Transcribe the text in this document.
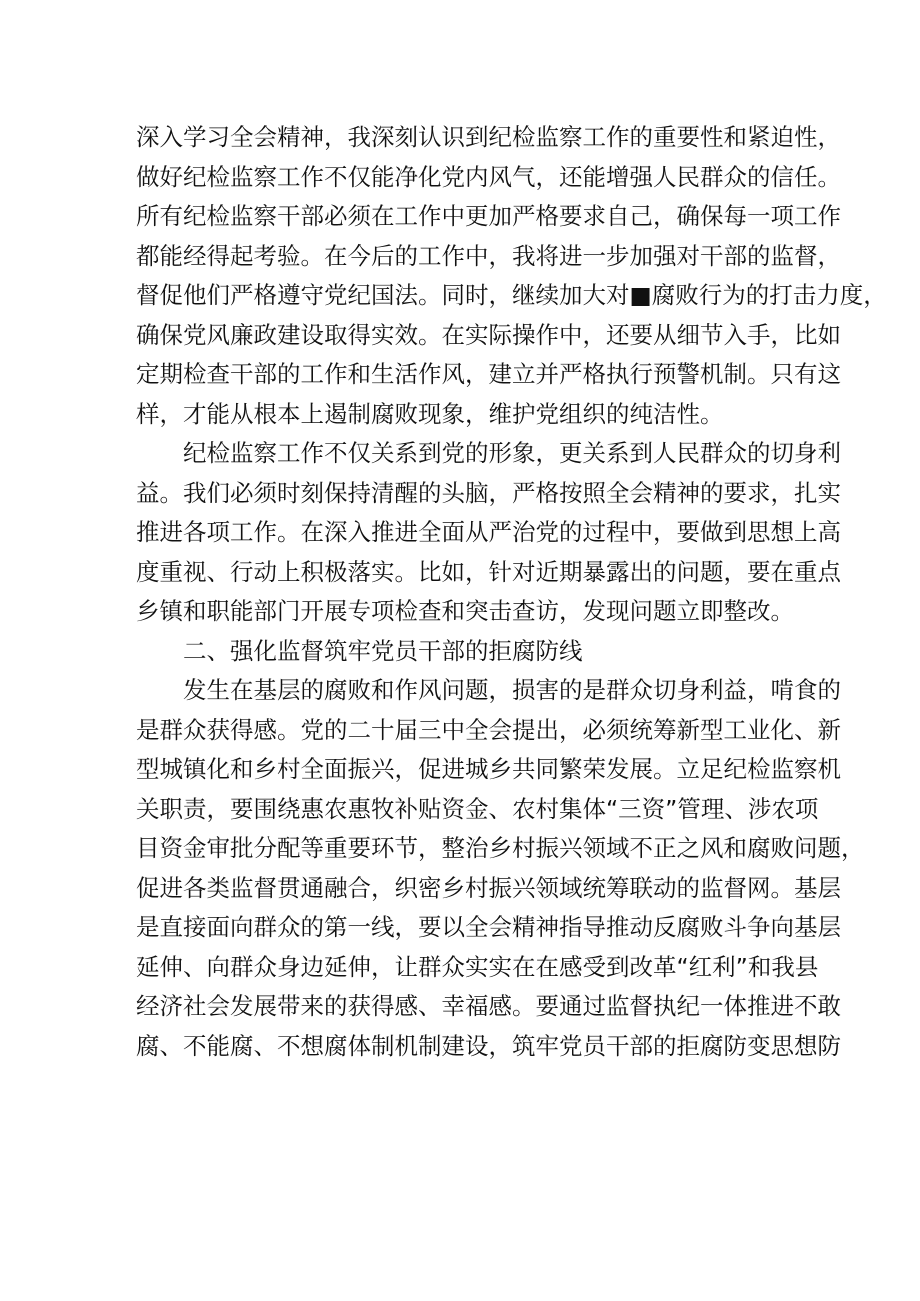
深入学习全会精神，我深刻认识到纪检监察工作的重要性和紧迫性，
做好纪检监察工作不仅能净化党内风气，还能增强人民群众的信任。
所有纪检监察干部必须在工作中更加严格要求自己，确保每一项工作
都能经得起考验。在今后的工作中，我将进一步加强对干部的监督，
督促他们严格遵守党纪国法。同时，继续加大对■腐败行为的打击力度，
确保党风廉政建设取得实效。在实际操作中，还要从细节入手，比如
定期检查干部的工作和生活作风，建立并严格执行预警机制。只有这
样，才能从根本上遏制腐败现象，维护党组织的纯洁性。
纪检监察工作不仅关系到党的形象，更关系到人民群众的切身利
益。我们必须时刻保持清醒的头脑，严格按照全会精神的要求，扎实
推进各项工作。在深入推进全面从严治党的过程中，要做到思想上高
度重视、行动上积极落实。比如，针对近期暴露出的问题，要在重点
乡镇和职能部门开展专项检查和突击查访，发现问题立即整改。
二、强化监督筑牢党员干部的拒腐防线
发生在基层的腐败和作风问题，损害的是群众切身利益，啃食的
是群众获得感。党的二十届三中全会提出，必须统筹新型工业化、新
型城镇化和乡村全面振兴，促进城乡共同繁荣发展。立足纪检监察机
关职责，要围绕惠农惠牧补贴资金、农村集体“三资”管理、涉农项
目资金审批分配等重要环节，整治乡村振兴领域不正之风和腐败问题，
促进各类监督贯通融合，织密乡村振兴领域统筹联动的监督网。基层
是直接面向群众的第一线，要以全会精神指导推动反腐败斗争向基层
延伸、向群众身边延伸，让群众实实在在感受到改革“红利”和我县
经济社会发展带来的获得感、幸福感。要通过监督执纪一体推进不敢
腐、不能腐、不想腐体制机制建设，筑牢党员干部的拒腐防变思想防
